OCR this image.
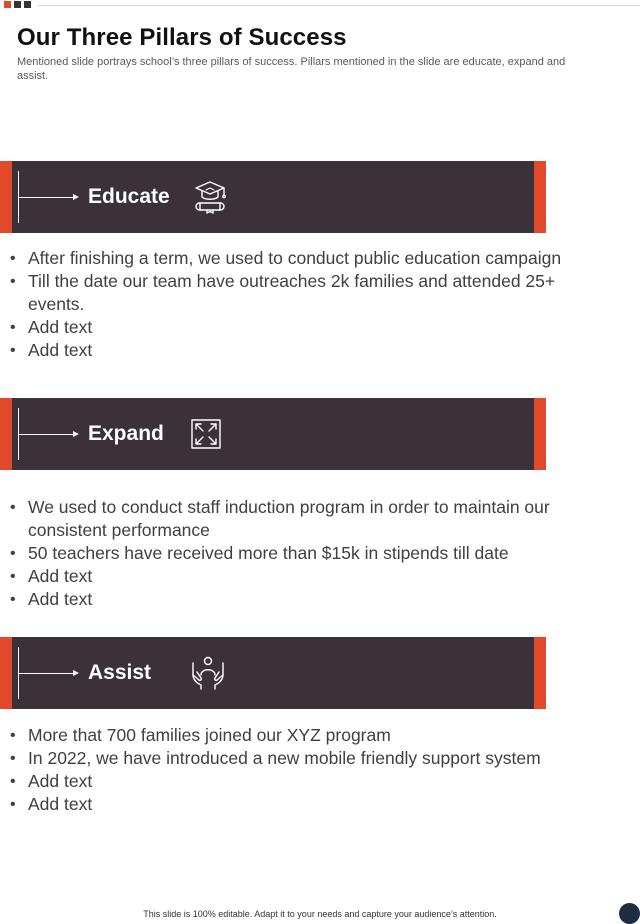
Our Three Pillars of Success

Mentioned slide portrays school’s three pillars of success. Pillars mentioned in the slide are educate, expand and assist.

Educate
• After finishing a term, we used to conduct public education campaign
• Till the date our team have outreaches 2k families and attended 25+ events.
• Add text
• Add text
Expand
• We used to conduct staff induction program in order to maintain our consistent performance
• 50 teachers have received more than $15k in stipends till date
• Add text
• Add text
Assist
• More that 700 families joined our XYZ program
• In 2022, we have introduced a new mobile friendly support system
• Add text
• Add text
This slide is 100% editable. Adapt it to your needs and capture your audience’s attention.
